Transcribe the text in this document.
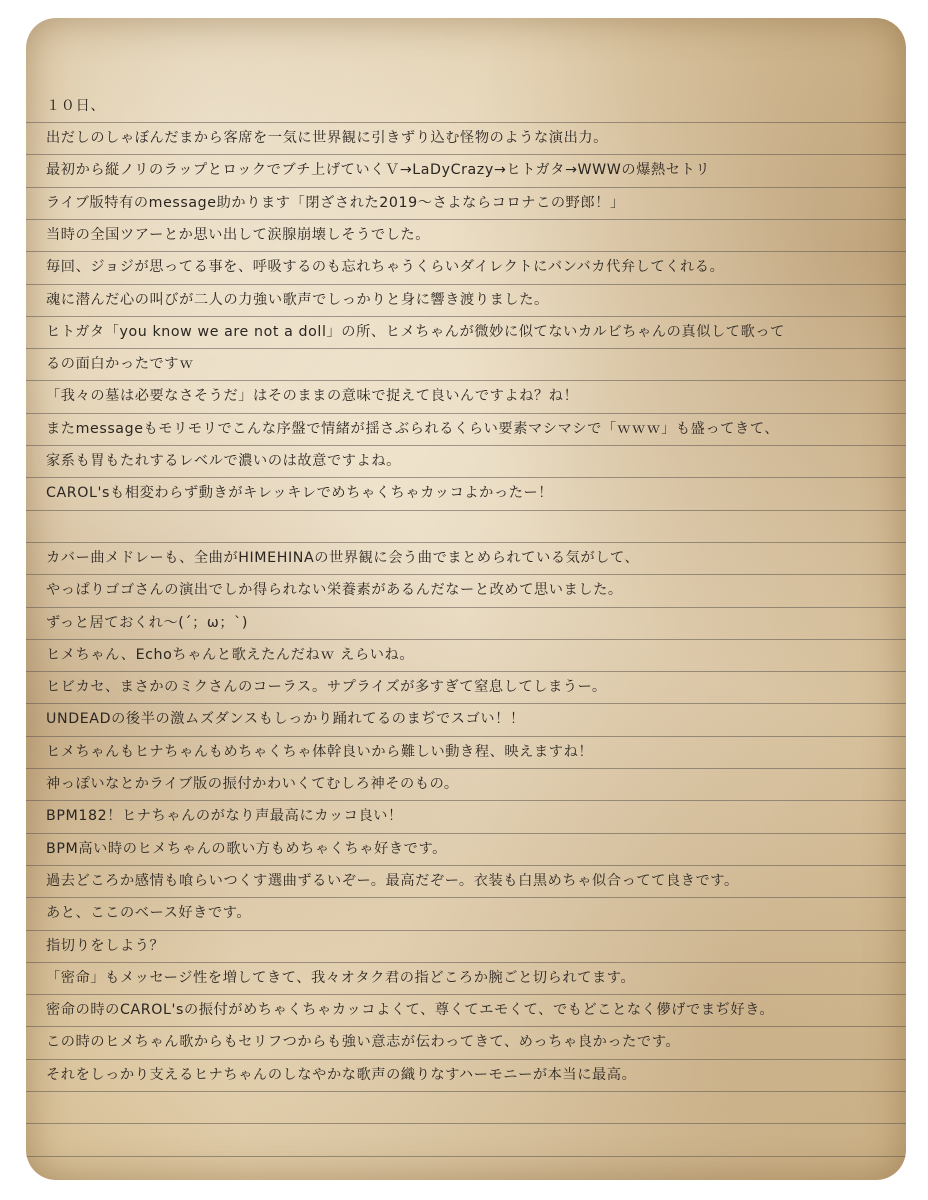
１０日、
出だしのしゃぼんだまから客席を一気に世界観に引きずり込む怪物のような演出力。
最初から縦ノリのラップとロックでブチ上げていくＶ→LaDyCrazy→ヒトガタ→WWWの爆熱セトリ
ライブ版特有のmessage助かります「閉ざされた2019～さよならコロナこの野郎！」
当時の全国ツアーとか思い出して涙腺崩壊しそうでした。
毎回、ジョジが思ってる事を、呼吸するのも忘れちゃうくらいダイレクトにバンバカ代弁してくれる。
魂に潜んだ心の叫びが二人の力強い歌声でしっかりと身に響き渡りました。
ヒトガタ「you know we are not a doll」の所、ヒメちゃんが微妙に似てないカルビちゃんの真似して歌って
るの面白かったですｗ
「我々の墓は必要なさそうだ」はそのままの意味で捉えて良いんですよね？ね！
またmessageもモリモリでこんな序盤で情緒が揺さぶられるくらい要素マシマシで「ｗｗｗ」も盛ってきて、
家系も胃もたれするレベルで濃いのは故意ですよね。
CAROL'sも相変わらず動きがキレッキレでめちゃくちゃカッコよかったー！
カバー曲メドレーも、全曲がHIMEHINAの世界観に会う曲でまとめられている気がして、
やっぱりゴゴさんの演出でしか得られない栄養素があるんだなーと改めて思いました。
ずっと居ておくれ～(´；ω；`)
ヒメちゃん、Echoちゃんと歌えたんだねｗ えらいね。
ヒビカセ、まさかのミクさんのコーラス。サプライズが多すぎて窒息してしまうー。
UNDEADの後半の激ムズダンスもしっかり踊れてるのまぢでスゴい！！
ヒメちゃんもヒナちゃんもめちゃくちゃ体幹良いから難しい動き程、映えますね！
神っぽいなとかライブ版の振付かわいくてむしろ神そのもの。
BPM182！ヒナちゃんのがなり声最高にカッコ良い！
BPM高い時のヒメちゃんの歌い方もめちゃくちゃ好きです。
過去どころか感情も喰らいつくす選曲ずるいぞー。最高だぞー。衣装も白黒めちゃ似合ってて良きです。
あと、ここのベース好きです。
指切りをしよう？
「密命」もメッセージ性を増してきて、我々オタク君の指どころか腕ごと切られてます。
密命の時のCAROL'sの振付がめちゃくちゃカッコよくて、尊くてエモくて、でもどことなく儚げでまぢ好き。
この時のヒメちゃん歌からもセリフつからも強い意志が伝わってきて、めっちゃ良かったです。
それをしっかり支えるヒナちゃんのしなやかな歌声の織りなすハーモニーが本当に最高。
